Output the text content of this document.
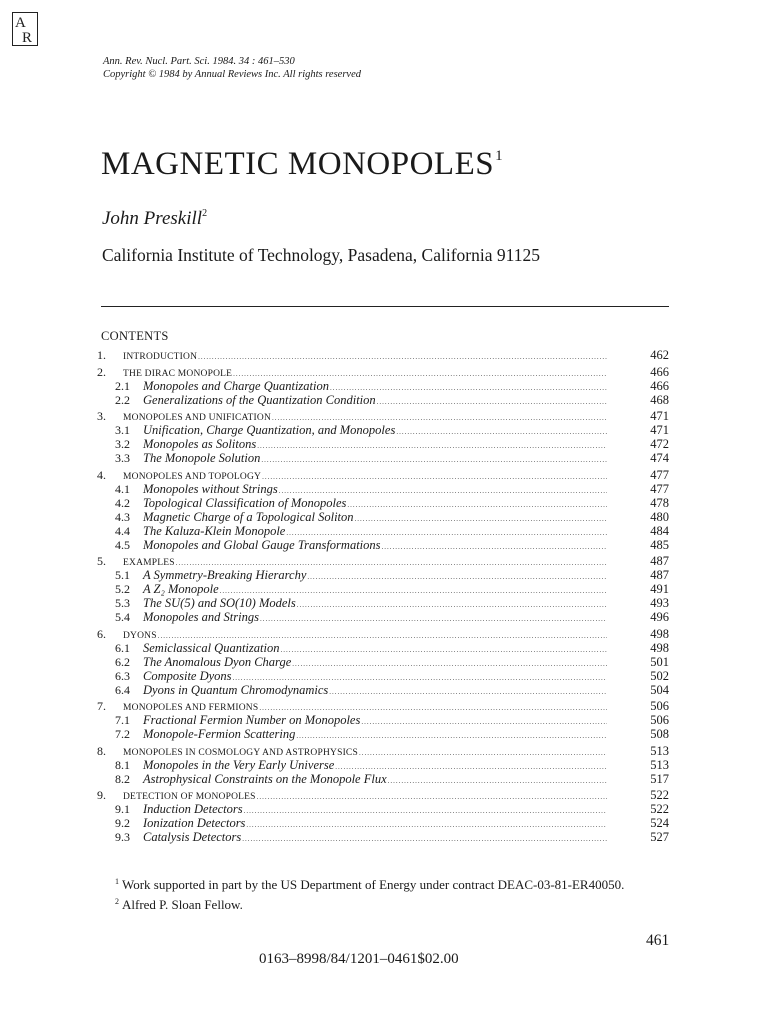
A
R
Ann. Rev. Nucl. Part. Sci. 1984. 34 : 461–530
Copyright © 1984 by Annual Reviews Inc. All rights reserved
MAGNETIC MONOPOLES$^1$
John Preskill$^2$
California Institute of Technology, Pasadena, California 91125
CONTENTS
1.	INTRODUCTION .....	462
2.	THE DIRAC MONOPOLE .....	466
2.1	Monopoles and Charge Quantization .....	466
2.2	Generalizations of the Quantization Condition .....	468
3.	MONOPOLES AND UNIFICATION .....	471
3.1	Unification, Charge Quantization, and Monopoles .....	471
3.2	Monopoles as Solitons .....	472
3.3	The Monopole Solution .....	474
4.	MONOPOLES AND TOPOLOGY .....	477
4.1	Monopoles without Strings .....	477
4.2	Topological Classification of Monopoles .....	478
4.3	Magnetic Charge of a Topological Soliton .....	480
4.4	The Kaluza-Klein Monopole .....	484
4.5	Monopoles and Global Gauge Transformations .....	485
5.	EXAMPLES .....	487
5.1	A Symmetry-Breaking Hierarchy .....	487
5.2	A Z₂ Monopole .....	491
5.3	The SU(5) and SO(10) Models .....	493
5.4	Monopoles and Strings .....	496
6.	DYONS .....	498
6.1	Semiclassical Quantization .....	498
6.2	The Anomalous Dyon Charge .....	501
6.3	Composite Dyons .....	502
6.4	Dyons in Quantum Chromodynamics .....	504
7.	MONOPOLES AND FERMIONS .....	506
7.1	Fractional Fermion Number on Monopoles .....	506
7.2	Monopole-Fermion Scattering .....	508
8.	MONOPOLES IN COSMOLOGY AND ASTROPHYSICS .....	513
8.1	Monopoles in the Very Early Universe .....	513
8.2	Astrophysical Constraints on the Monopole Flux .....	517
9.	DETECTION OF MONOPOLES .....	522
9.1	Induction Detectors .....	522
9.2	Ionization Detectors .....	524
9.3	Catalysis Detectors .....	527
$^1$ Work supported in part by the US Department of Energy under contract DEAC-03-81-ER40050.
$^2$ Alfred P. Sloan Fellow.
461
0163–8998/84/1201–0461$02.00
